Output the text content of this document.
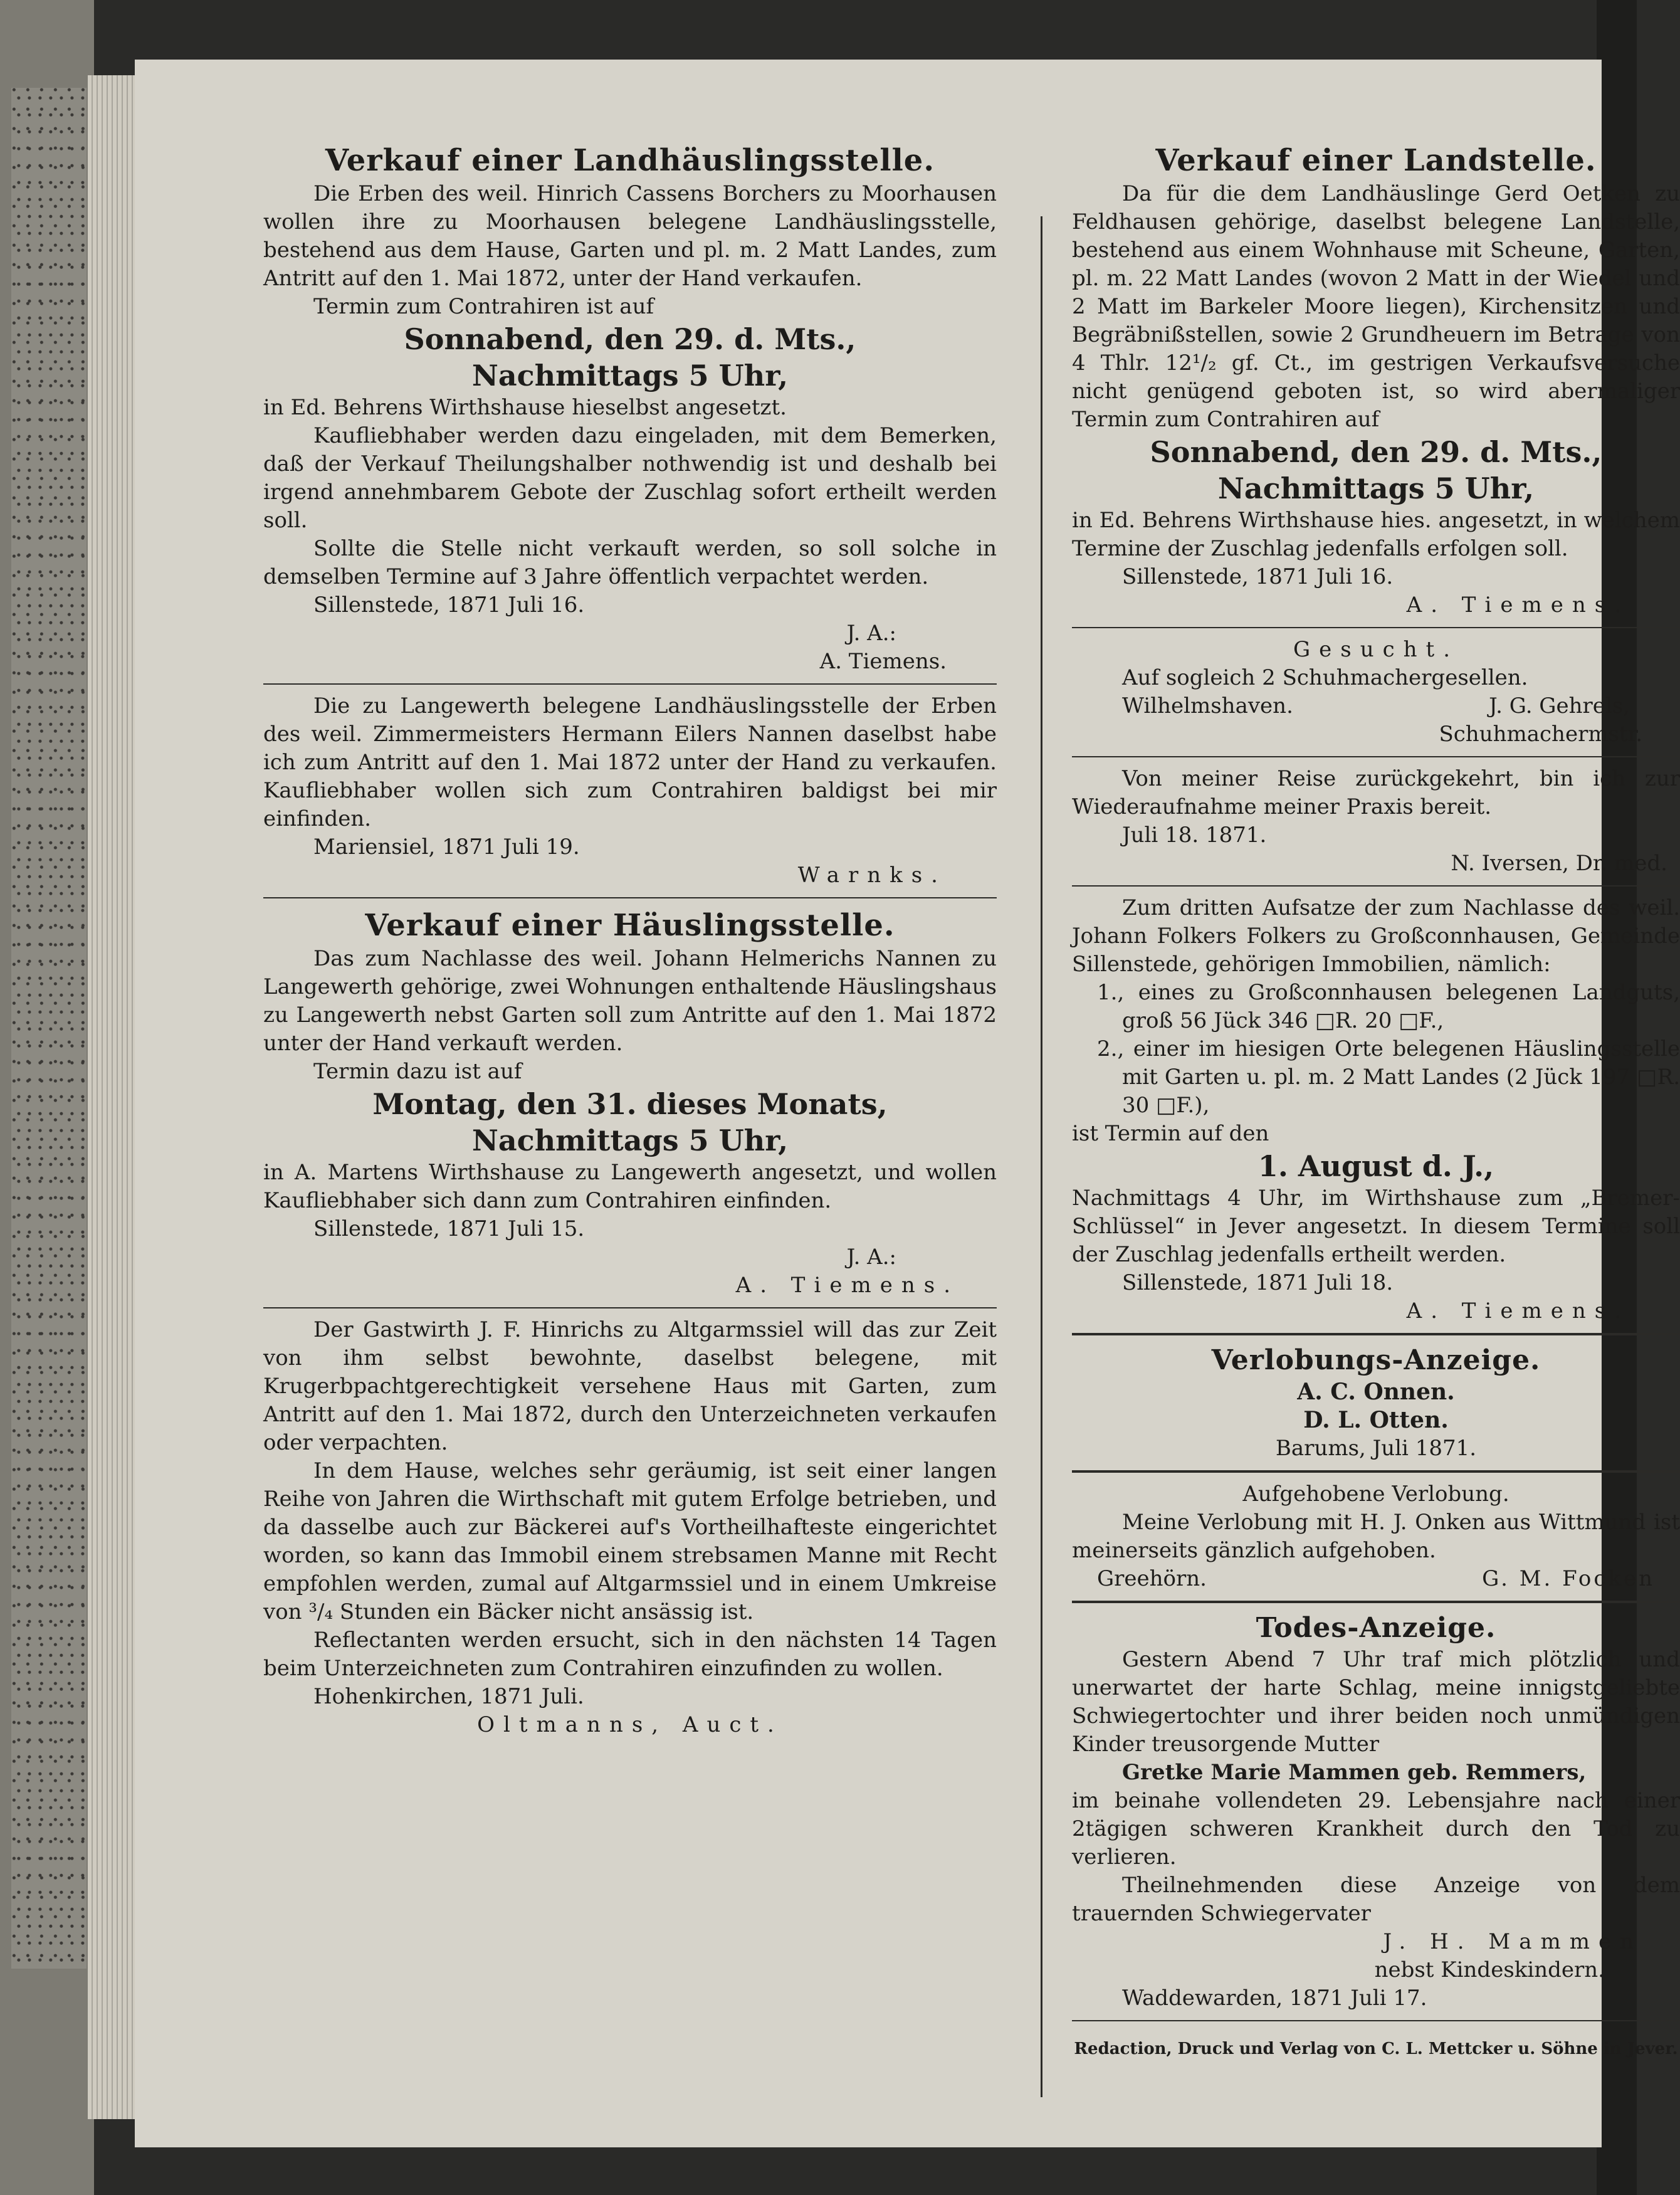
Verkauf einer Landhäuslingsstelle.

Die Erben des weil. Hinrich Cassens Borchers zu Moorhausen wollen ihre zu Moorhausen belegene Landhäuslingsstelle, bestehend aus dem Hause, Garten und pl. m. 2 Matt Landes, zum Antritt auf den 1. Mai 1872, unter der Hand verkaufen.

Termin zum Contrahiren ist auf

Sonnabend, den 29. d. Mts.,

Nachmittags 5 Uhr,

in Ed. Behrens Wirthshause hieselbst angesetzt.

Kaufliebhaber werden dazu eingeladen, mit dem Bemerken, daß der Verkauf Theilungshalber nothwendig ist und deshalb bei irgend annehmbarem Gebote der Zuschlag sofort ertheilt werden soll.

Sollte die Stelle nicht verkauft werden, so soll solche in demselben Termine auf 3 Jahre öffentlich verpachtet werden.

Sillenstede, 1871 Juli 16.

J. A.:

A. Tiemens.

Die zu Langewerth belegene Landhäuslingsstelle der Erben des weil. Zimmermeisters Hermann Eilers Nannen daselbst habe ich zum Antritt auf den 1. Mai 1872 unter der Hand zu verkaufen. Kaufliebhaber wollen sich zum Contrahiren baldigst bei mir einfinden.

Mariensiel, 1871 Juli 19.

Warnks.

Verkauf einer Häuslingsstelle.

Das zum Nachlasse des weil. Johann Helmerichs Nannen zu Langewerth gehörige, zwei Wohnungen enthaltende Häuslingshaus zu Langewerth nebst Garten soll zum Antritte auf den 1. Mai 1872 unter der Hand verkauft werden.

Termin dazu ist auf

Montag, den 31. dieses Monats,

Nachmittags 5 Uhr,

in A. Martens Wirthshause zu Langewerth angesetzt, und wollen Kaufliebhaber sich dann zum Contrahiren einfinden.

Sillenstede, 1871 Juli 15.

J. A.:

A. Tiemens.

Der Gastwirth J. F. Hinrichs zu Altgarmssiel will das zur Zeit von ihm selbst bewohnte, daselbst belegene, mit Krugerbpachtgerechtigkeit versehene Haus mit Garten, zum Antritt auf den 1. Mai 1872, durch den Unterzeichneten verkaufen oder verpachten.

In dem Hause, welches sehr geräumig, ist seit einer langen Reihe von Jahren die Wirthschaft mit gutem Erfolge betrieben, und da dasselbe auch zur Bäckerei auf's Vortheilhafteste eingerichtet worden, so kann das Immobil einem strebsamen Manne mit Recht empfohlen werden, zumal auf Altgarmssiel und in einem Umkreise von ³/₄ Stunden ein Bäcker nicht ansässig ist.

Reflectanten werden ersucht, sich in den nächsten 14 Tagen beim Unterzeichneten zum Contrahiren einzufinden zu wollen.

Hohenkirchen, 1871 Juli.

Oltmanns, Auct.

Verkauf einer Landstelle.

Da für die dem Landhäuslinge Gerd Oetken zu Feldhausen gehörige, daselbst belegene Landstelle, bestehend aus einem Wohnhause mit Scheune, Garten, pl. m. 22 Matt Landes (wovon 2 Matt in der Wiedel und 2 Matt im Barkeler Moore liegen), Kirchensitzen und Begräbnißstellen, sowie 2 Grundheuern im Betrage von 4 Thlr. 12¹/₂ gf. Ct., im gestrigen Verkaufsversuche nicht genügend geboten ist, so wird abermaliger Termin zum Contrahiren auf

Sonnabend, den 29. d. Mts.,

Nachmittags 5 Uhr,

in Ed. Behrens Wirthshause hies. angesetzt, in welchem Termine der Zuschlag jedenfalls erfolgen soll.

Sillenstede, 1871 Juli 16.

A. Tiemens.

Gesucht.

Auf sogleich 2 Schuhmachergesellen.

Wilhelmshaven.	J. G. Gehrels,

Schuhmachermstr.

Von meiner Reise zurückgekehrt, bin ich zur Wiederaufnahme meiner Praxis bereit.

Juli 18. 1871.

N. Iversen, Dr. med.

Zum dritten Aufsatze der zum Nachlasse des weil. Johann Folkers Folkers zu Großconnhausen, Gemeinde Sillenstede, gehörigen Immobilien, nämlich:

1., eines zu Großconnhausen belegenen Landguts, groß 56 Jück 346 □R. 20 □F.,

2., einer im hiesigen Orte belegenen Häuslingsstelle mit Garten u. pl. m. 2 Matt Landes (2 Jück 197 □R. 30 □F.),

ist Termin auf den

1. August d. J.,

Nachmittags 4 Uhr, im Wirthshause zum „Bremer-Schlüssel“ in Jever angesetzt. In diesem Termine soll der Zuschlag jedenfalls ertheilt werden.

Sillenstede, 1871 Juli 18.

A. Tiemens.

Verlobungs-Anzeige.

A. C. Onnen.

D. L. Otten.

Barums, Juli 1871.

Aufgehobene Verlobung.

Meine Verlobung mit H. J. Onken aus Wittmund ist meinerseits gänzlich aufgehoben.

Greehörn.	G. M. Focken

Todes-Anzeige.

Gestern Abend 7 Uhr traf mich plötzlich und unerwartet der harte Schlag, meine innigstgeliebte Schwiegertochter und ihrer beiden noch unmündigen Kinder treusorgende Mutter

Gretke Marie Mammen geb. Remmers,

im beinahe vollendeten 29. Lebensjahre nach einer 2tägigen schweren Krankheit durch den Tod zu verlieren.

Theilnehmenden diese Anzeige von dem trauernden Schwiegervater

J. H. Mammen

nebst Kindeskindern.

Waddewarden, 1871 Juli 17.

Redaction, Druck und Verlag von C. L. Mettcker u. Söhne in Jever.
